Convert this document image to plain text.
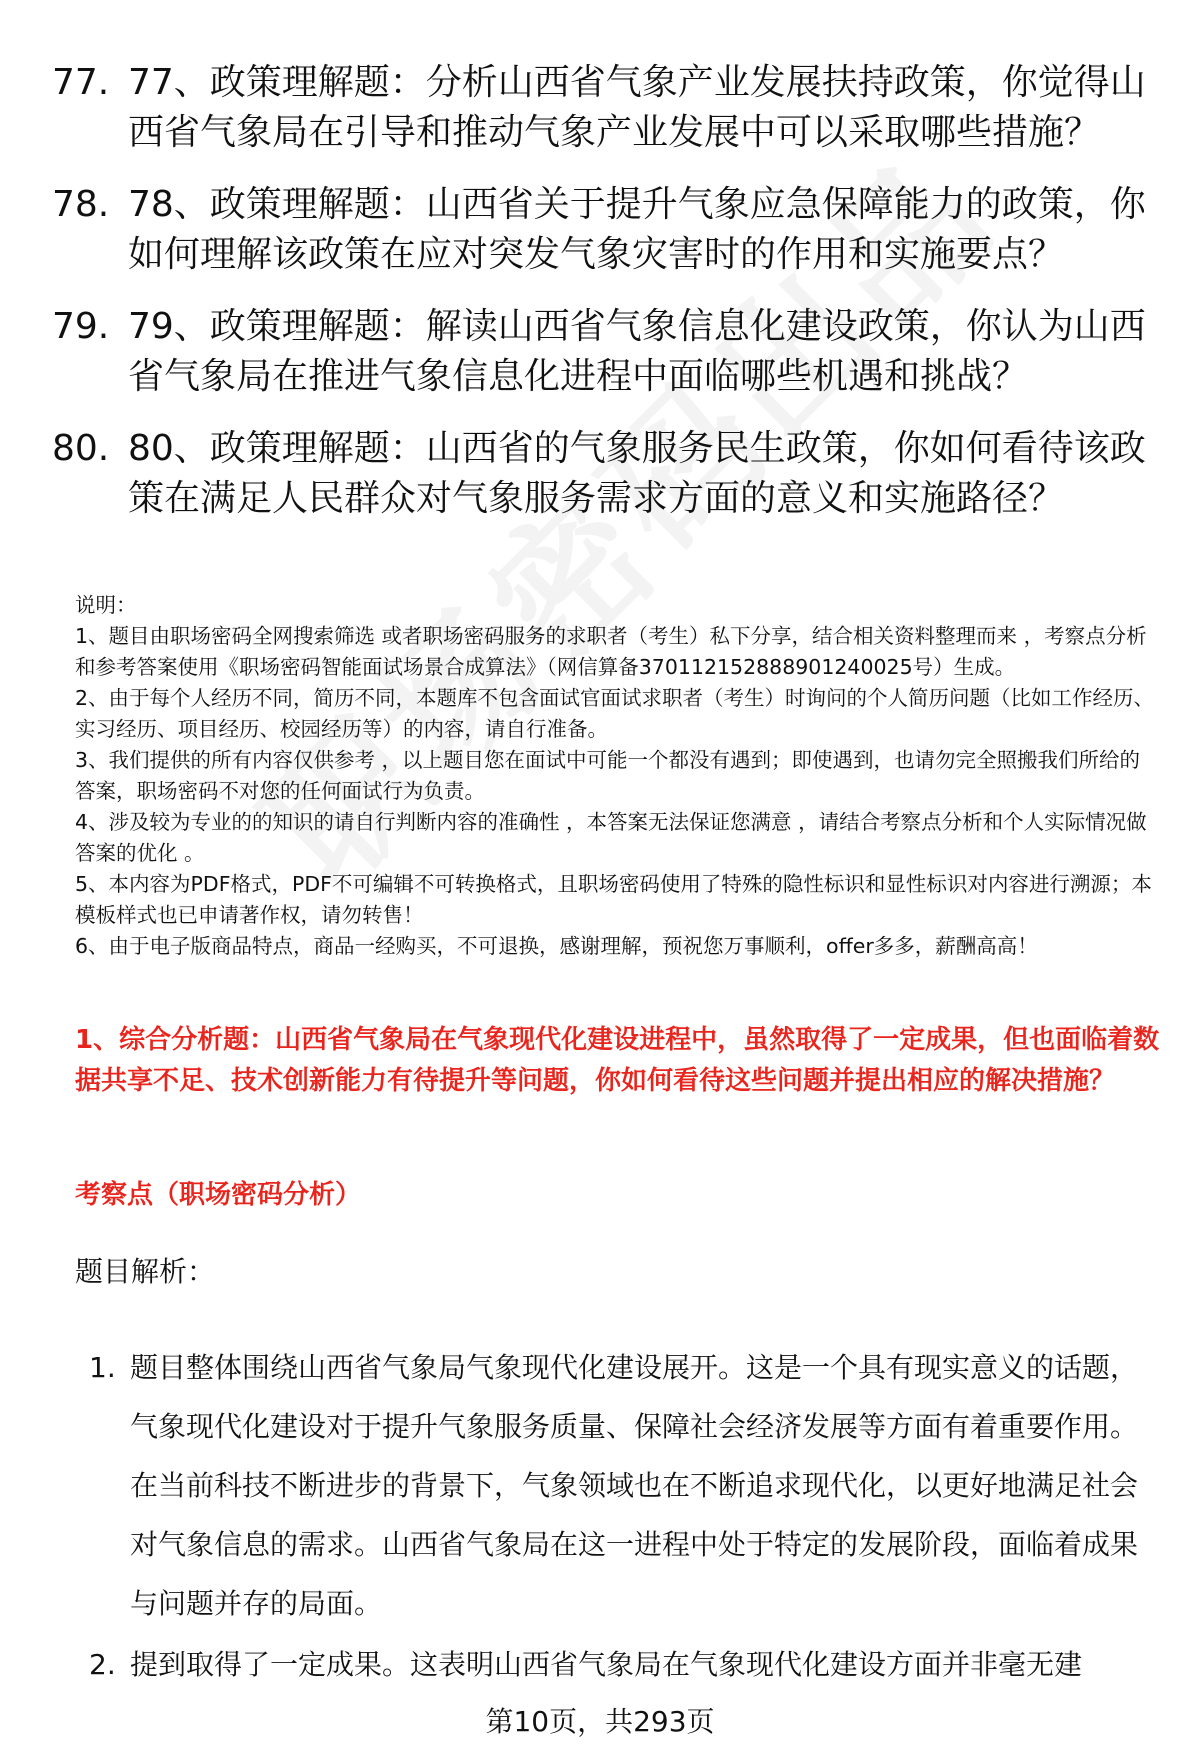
77. 77、政策理解题：分析山西省气象产业发展扶持政策，你觉得山西省气象局在引导和推动气象产业发展中可以采取哪些措施？
78. 78、政策理解题：山西省关于提升气象应急保障能力的政策，你如何理解该政策在应对突发气象灾害时的作用和实施要点？
79. 79、政策理解题：解读山西省气象信息化建设政策，你认为山西省气象局在推进气象信息化进程中面临哪些机遇和挑战？
80. 80、政策理解题：山西省的气象服务民生政策，你如何看待该政策在满足人民群众对气象服务需求方面的意义和实施路径？

说明：

1、题目由职场密码全网搜索筛选 或者职场密码服务的求职者（考生）私下分享，结合相关资料整理而来 ，考察点分析和参考答案使用《职场密码智能面试场景合成算法》（网信算备370112152888901240025号）生成。

2、由于每个人经历不同，简历不同，本题库不包含面试官面试求职者（考生）时询问的个人简历问题（比如工作经历、实习经历、项目经历、校园经历等）的内容，请自行准备。

3、我们提供的所有内容仅供参考 ，以上题目您在面试中可能一个都没有遇到；即使遇到，也请勿完全照搬我们所给的答案，职场密码不对您的任何面试行为负责。

4、涉及较为专业的的知识的请自行判断内容的准确性 ，本答案无法保证您满意 ，请结合考察点分析和个人实际情况做答案的优化 。

5、本内容为PDF格式，PDF不可编辑不可转换格式，且职场密码使用了特殊的隐性标识和显性标识对内容进行溯源；本模板样式也已申请著作权，请勿转售！

6、由于电子版商品特点，商品一经购买，不可退换，感谢理解，预祝您万事顺利，offer多多，薪酬高高！

1、综合分析题：山西省气象局在气象现代化建设进程中，虽然取得了一定成果，但也面临着数据共享不足、技术创新能力有待提升等问题，你如何看待这些问题并提出相应的解决措施？
考察点（职场密码分析）
题目解析：
1. 题目整体围绕山西省气象局气象现代化建设展开。这是一个具有现实意义的话题，气象现代化建设对于提升气象服务质量、保障社会经济发展等方面有着重要作用。在当前科技不断进步的背景下，气象领域也在不断追求现代化，以更好地满足社会对气象信息的需求。山西省气象局在这一进程中处于特定的发展阶段，面临着成果与问题并存的局面。
2. 提到取得了一定成果。这表明山西省气象局在气象现代化建设方面并非毫无建
第10页，共293页
